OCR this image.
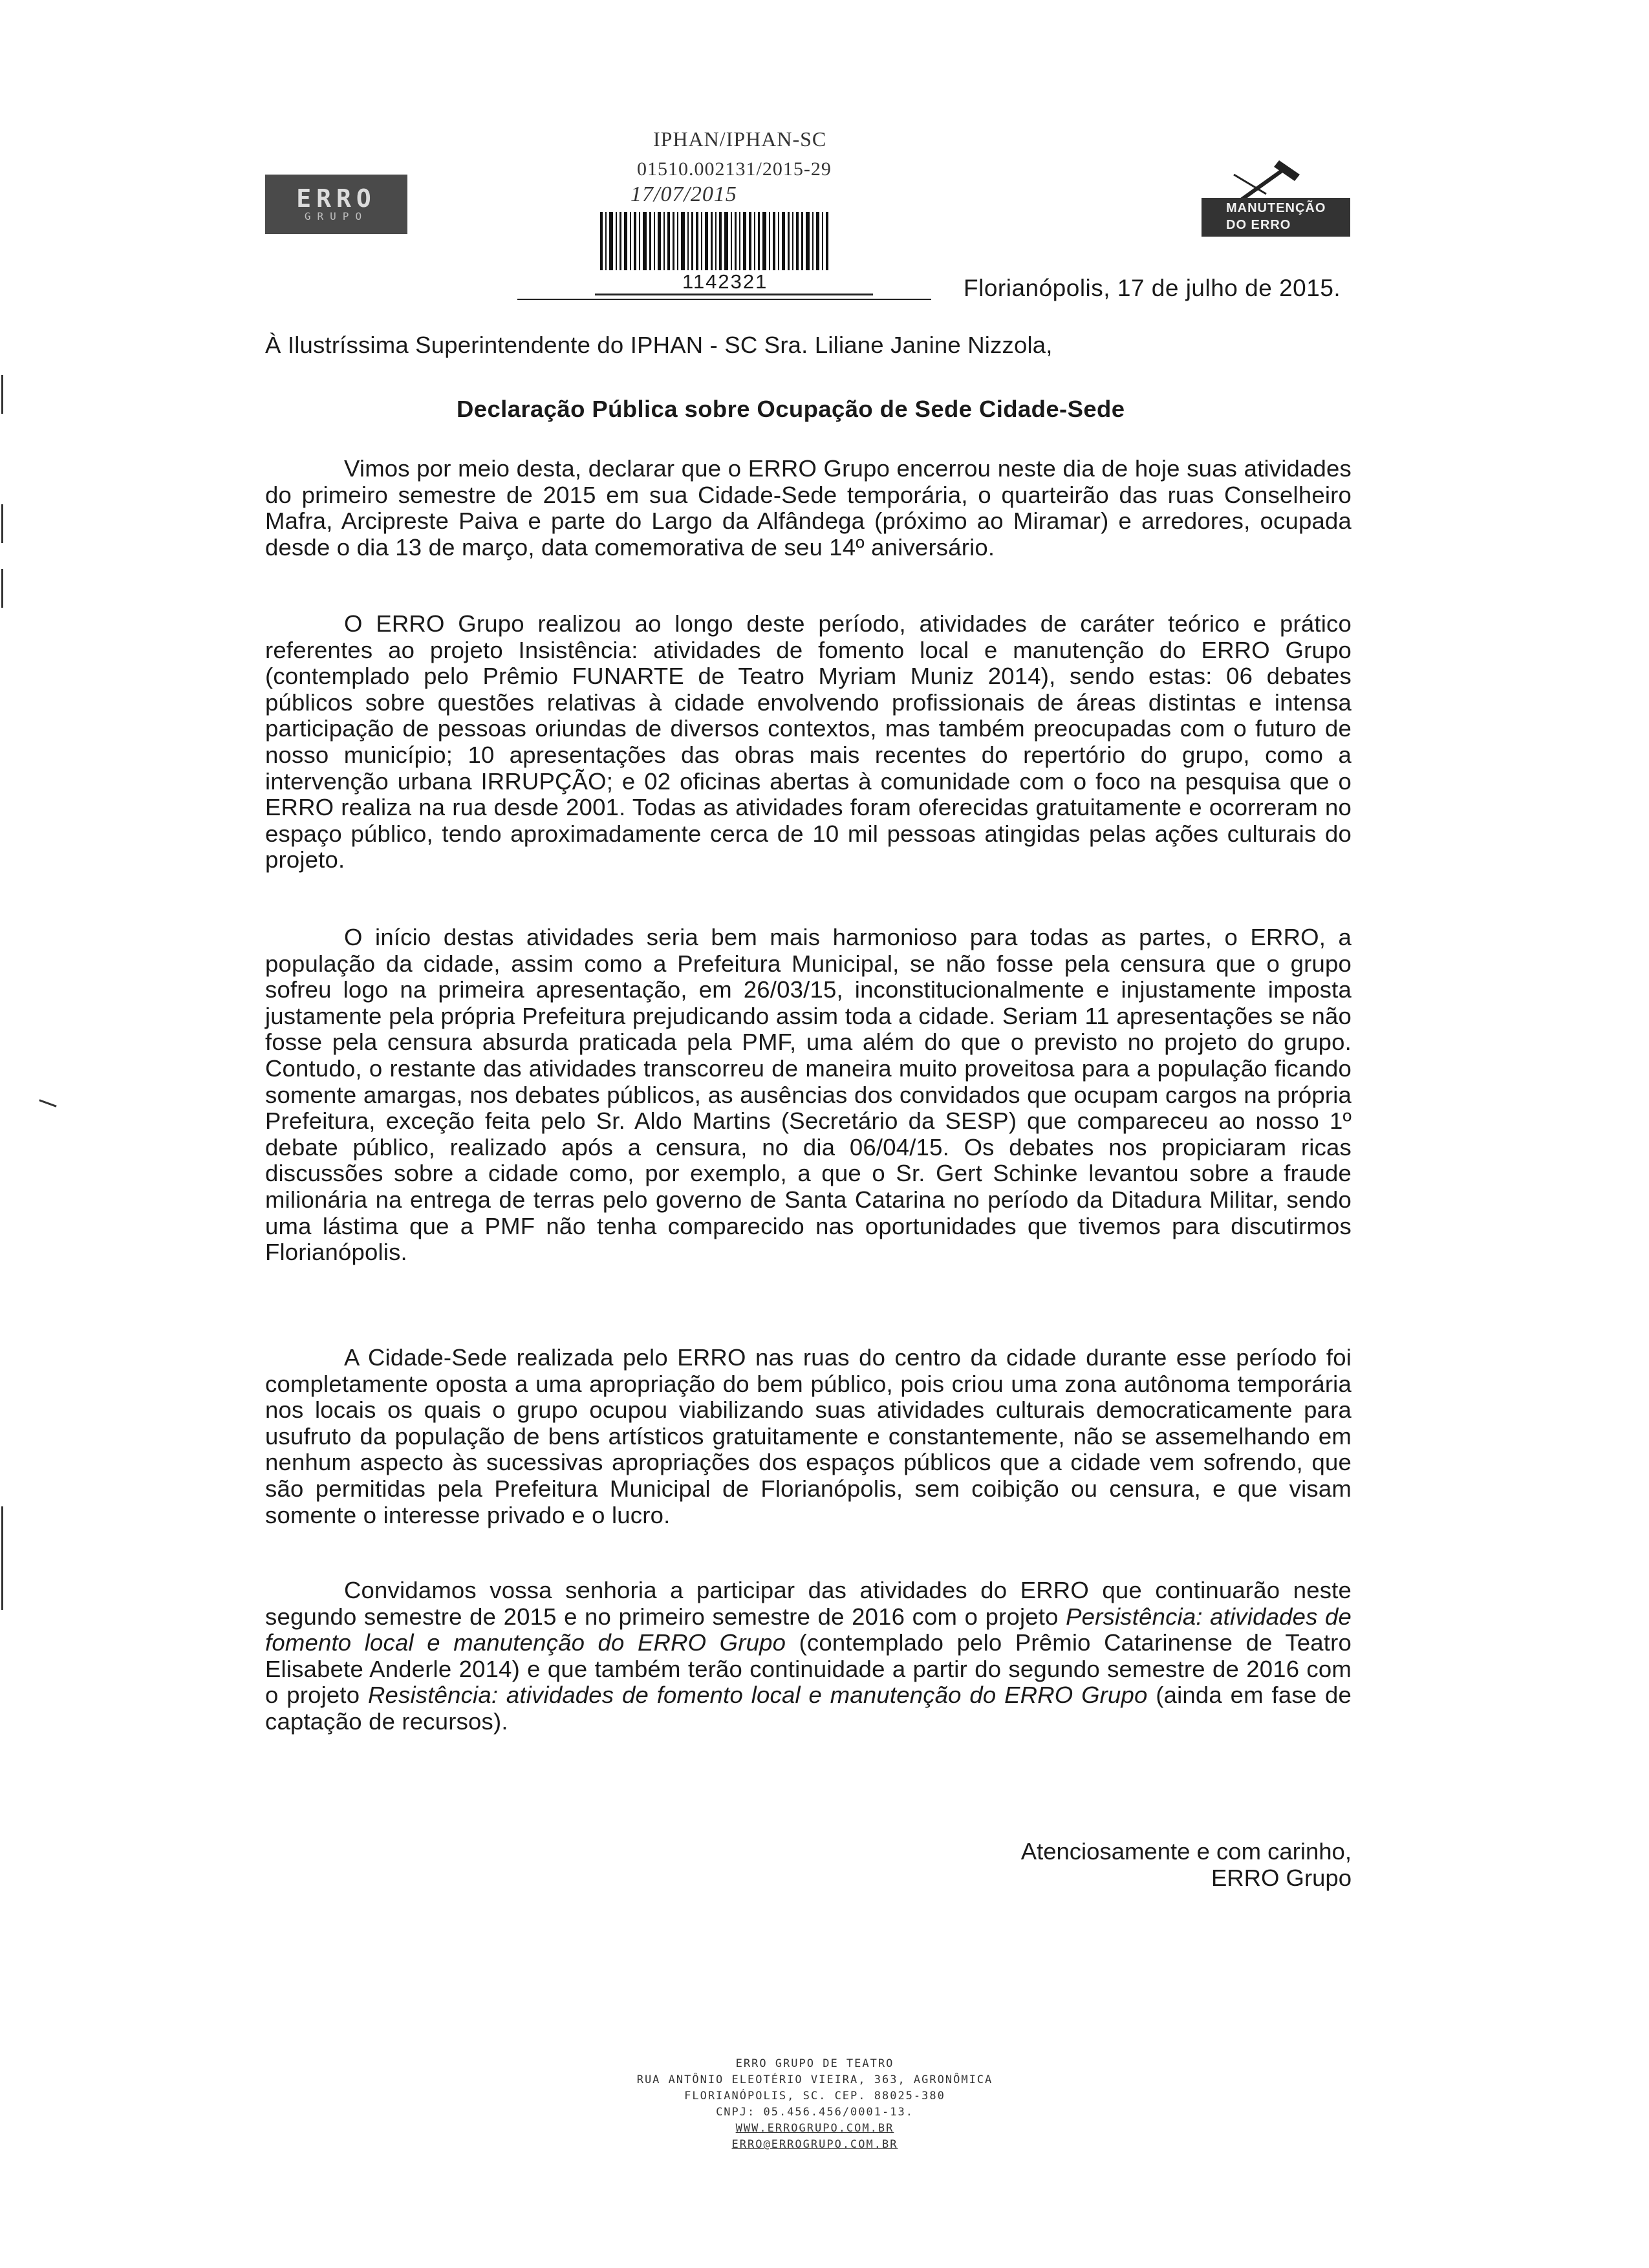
IPHAN/IPHAN-SC
01510.002131/2015-29
17/07/2015
1142321
ERRO
GRUPO
MANUTENÇÃO
DO ERRO
Florianópolis, 17 de julho de 2015.
À Ilustríssima Superintendente do IPHAN - SC Sra. Liliane Janine Nizzola,
Declaração Pública sobre Ocupação de Sede Cidade-Sede
Vimos por meio desta, declarar que o ERRO Grupo encerrou neste dia de hoje suas atividades do primeiro semestre de 2015 em sua Cidade-Sede temporária, o quarteirão das ruas Conselheiro Mafra, Arcipreste Paiva e parte do Largo da Alfândega (próximo ao Miramar) e arredores, ocupada desde o dia 13 de março, data comemorativa de seu 14º aniversário.
O ERRO Grupo realizou ao longo deste período, atividades de caráter teórico e prático referentes ao projeto Insistência: atividades de fomento local e manutenção do ERRO Grupo (contemplado pelo Prêmio FUNARTE de Teatro Myriam Muniz 2014), sendo estas: 06 debates públicos sobre questões relativas à cidade envolvendo profissionais de áreas distintas e intensa participação de pessoas oriundas de diversos contextos, mas também preocupadas com o futuro de nosso município; 10 apresentações das obras mais recentes do repertório do grupo, como a intervenção urbana IRRUPÇÃO; e 02 oficinas abertas à comunidade com o foco na pesquisa que o ERRO realiza na rua desde 2001. Todas as atividades foram oferecidas gratuitamente e ocorreram no espaço público, tendo aproximadamente cerca de 10 mil pessoas atingidas pelas ações culturais do projeto.
O início destas atividades seria bem mais harmonioso para todas as partes, o ERRO, a população da cidade, assim como a Prefeitura Municipal, se não fosse pela censura que o grupo sofreu logo na primeira apresentação, em 26/03/15, inconstitucionalmente e injustamente imposta justamente pela própria Prefeitura prejudicando assim toda a cidade. Seriam 11 apresentações se não fosse pela censura absurda praticada pela PMF, uma além do que o previsto no projeto do grupo. Contudo, o restante das atividades transcorreu de maneira muito proveitosa para a população ficando somente amargas, nos debates públicos, as ausências dos convidados que ocupam cargos na própria Prefeitura, exceção feita pelo Sr. Aldo Martins (Secretário da SESP) que compareceu ao nosso 1º debate público, realizado após a censura, no dia 06/04/15. Os debates nos propiciaram ricas discussões sobre a cidade como, por exemplo, a que o Sr. Gert Schinke levantou sobre a fraude milionária na entrega de terras pelo governo de Santa Catarina no período da Ditadura Militar, sendo uma lástima que a PMF não tenha comparecido nas oportunidades que tivemos para discutirmos Florianópolis.
A Cidade-Sede realizada pelo ERRO nas ruas do centro da cidade durante esse período foi completamente oposta a uma apropriação do bem público, pois criou uma zona autônoma temporária nos locais os quais o grupo ocupou viabilizando suas atividades culturais democraticamente para usufruto da população de bens artísticos gratuitamente e constantemente, não se assemelhando em nenhum aspecto às sucessivas apropriações dos espaços públicos que a cidade vem sofrendo, que são permitidas pela Prefeitura Municipal de Florianópolis, sem coibição ou censura, e que visam somente o interesse privado e o lucro.
Convidamos vossa senhoria a participar das atividades do ERRO que continuarão neste segundo semestre de 2015 e no primeiro semestre de 2016 com o projeto Persistência: atividades de fomento local e manutenção do ERRO Grupo (contemplado pelo Prêmio Catarinense de Teatro Elisabete Anderle 2014) e que também terão continuidade a partir do segundo semestre de 2016 com o projeto Resistência: atividades de fomento local e manutenção do ERRO Grupo (ainda em fase de captação de recursos).
Atenciosamente e com carinho,
ERRO Grupo
ERRO GRUPO DE TEATRO
RUA ANTÔNIO ELEOTÉRIO VIEIRA, 363, AGRONÔMICA
FLORIANÓPOLIS, SC. CEP. 88025-380
CNPJ: 05.456.456/0001-13.
WWW.ERROGRUPO.COM.BR
ERRO@ERROGRUPO.COM.BR
